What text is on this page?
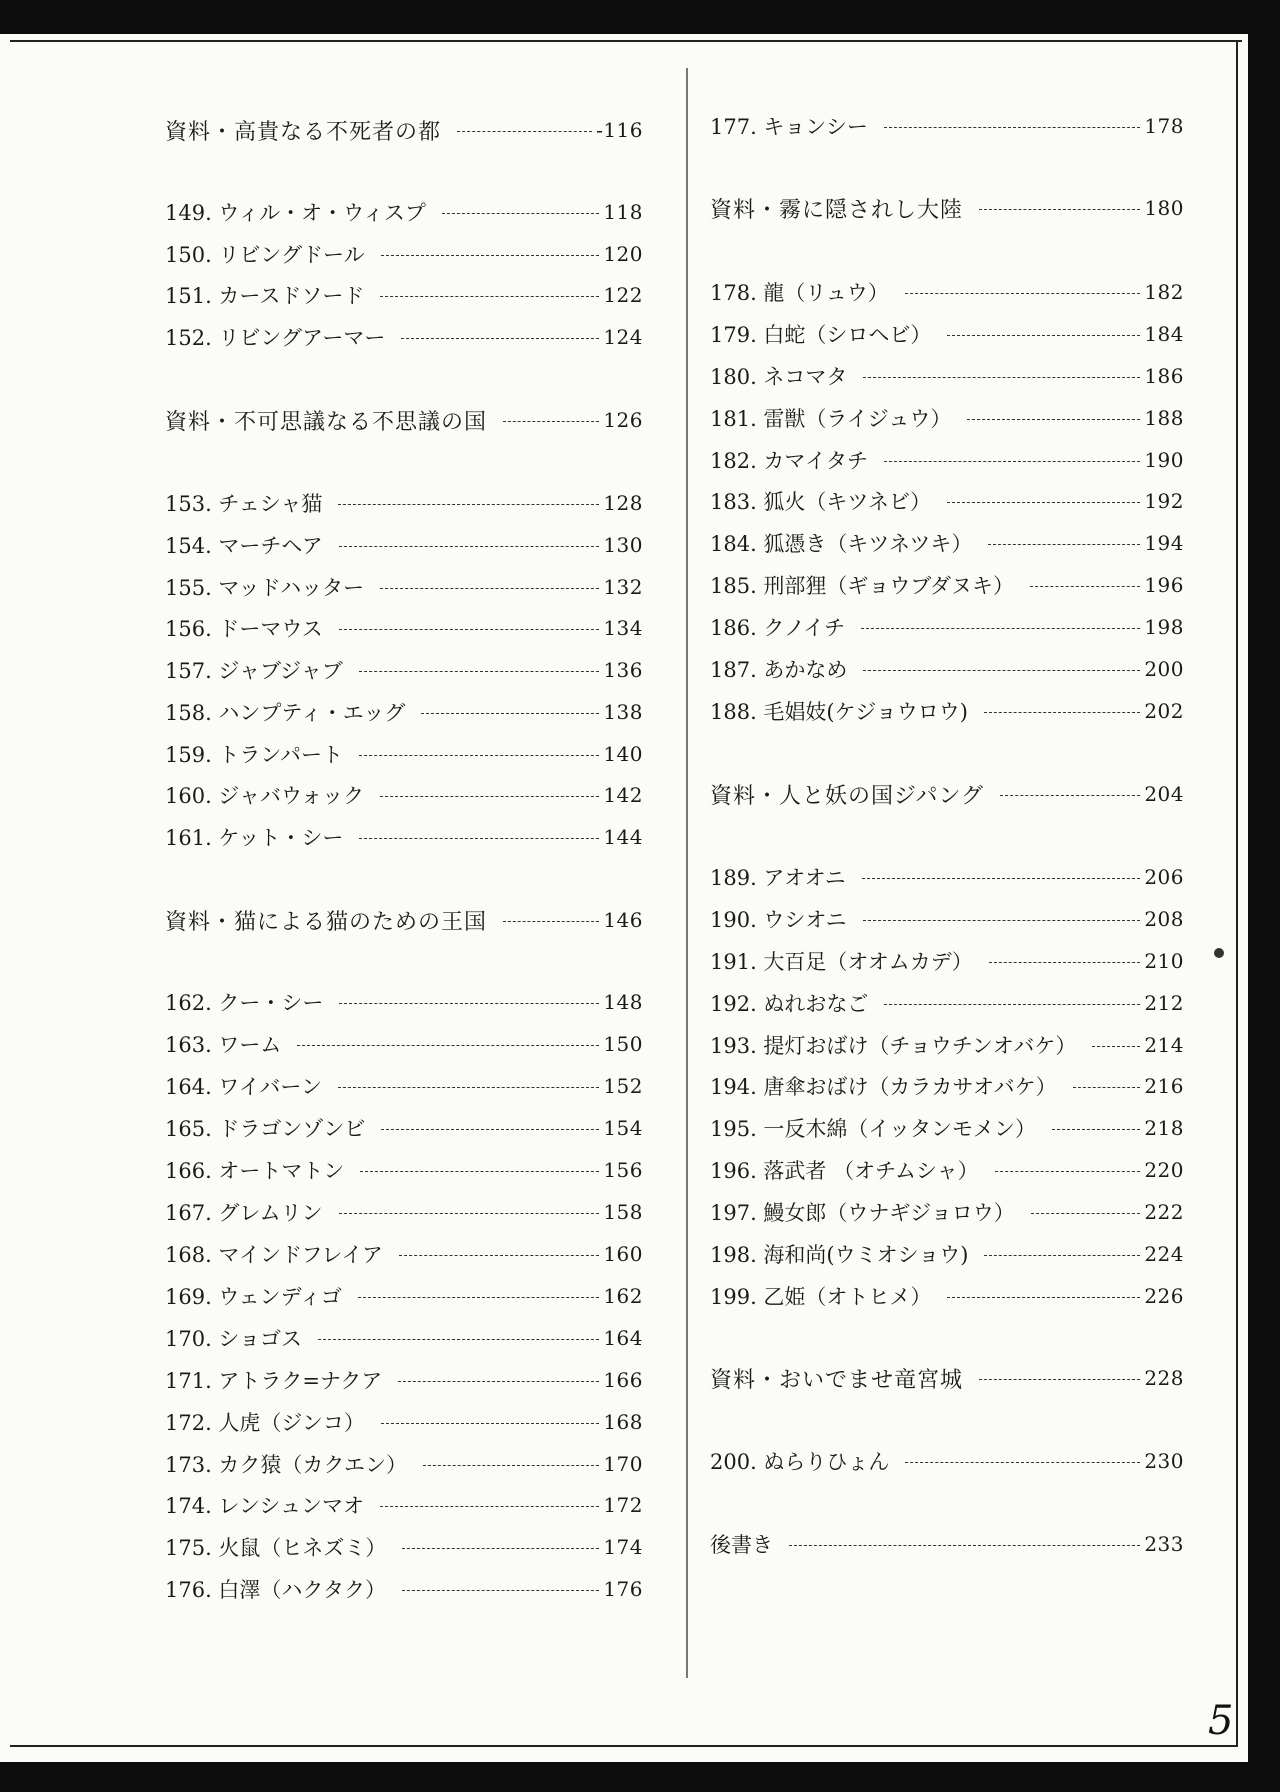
資料・高貴なる不死者の都	-116
149. ウィル・オ・ウィスプ	118
150. リビングドール	120
151. カースドソード	122
152. リビングアーマー	124
資料・不可思議なる不思議の国	126
153. チェシャ猫	128
154. マーチヘア	130
155. マッドハッター	132
156. ドーマウス	134
157. ジャブジャブ	136
158. ハンプティ・エッグ	138
159. トランパート	140
160. ジャバウォック	142
161. ケット・シー	144
資料・猫による猫のための王国	146
162. クー・シー	148
163. ワーム	150
164. ワイバーン	152
165. ドラゴンゾンビ	154
166. オートマトン	156
167. グレムリン	158
168. マインドフレイア	160
169. ウェンディゴ	162
170. ショゴス	164
171. アトラク=ナクア	166
172. 人虎（ジンコ）	168
173. カク猿（カクエン）	170
174. レンシュンマオ	172
175. 火鼠（ヒネズミ）	174
176. 白澤（ハクタク）	176
177. キョンシー	178
資料・霧に隠されし大陸	180
178. 龍（リュウ）	182
179. 白蛇（シロヘビ）	184
180. ネコマタ	186
181. 雷獣（ライジュウ）	188
182. カマイタチ	190
183. 狐火（キツネビ）	192
184. 狐憑き（キツネツキ）	194
185. 刑部狸（ギョウブダヌキ）	196
186. クノイチ	198
187. あかなめ	200
188. 毛娼妓(ケジョウロウ)	202
資料・人と妖の国ジパング	204
189. アオオニ	206
190. ウシオニ	208
191. 大百足（オオムカデ）	210
192. ぬれおなご	212
193. 提灯おばけ（チョウチンオバケ）	214
194. 唐傘おばけ（カラカサオバケ）	216
195. 一反木綿（イッタンモメン）	218
196. 落武者 （オチムシャ）	220
197. 鰻女郎（ウナギジョロウ）	222
198. 海和尚(ウミオショウ)	224
199. 乙姫（オトヒメ）	226
資料・おいでませ竜宮城	228
200. ぬらりひょん	230
後書き	233
5
